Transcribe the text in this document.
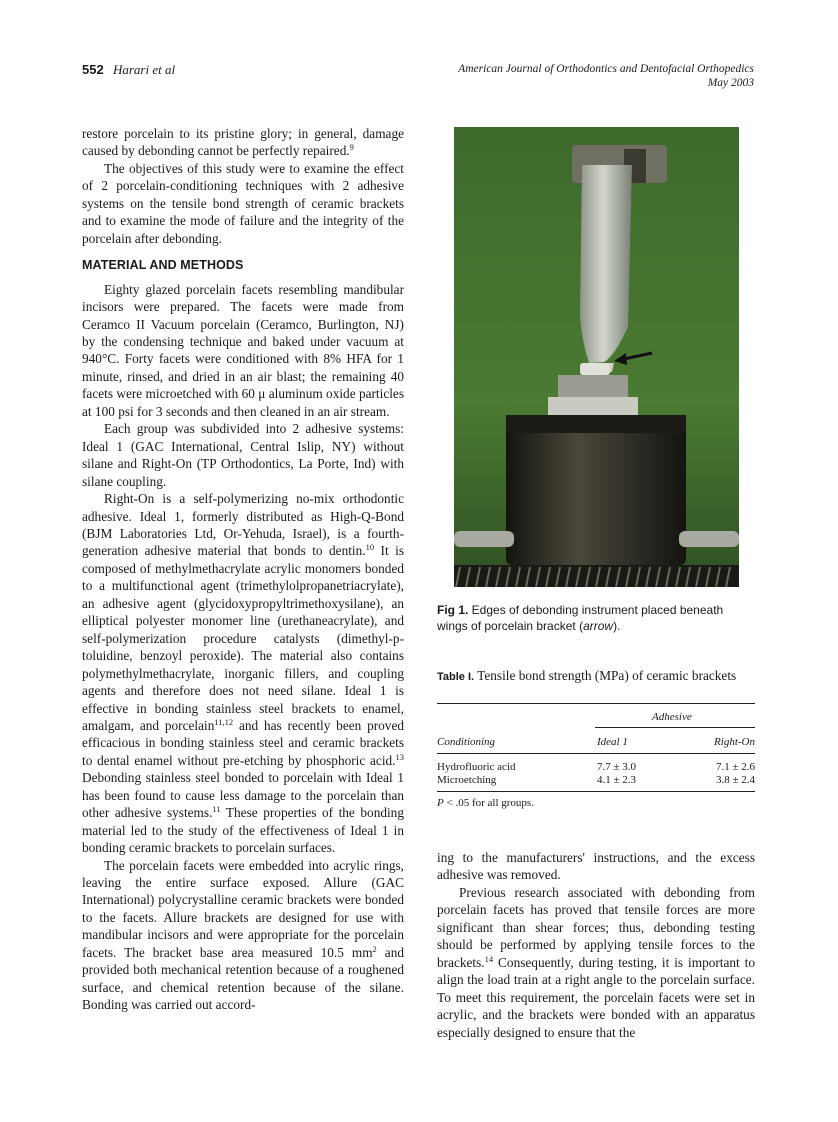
552 Harari et al	American Journal of Orthodontics and Dentofacial Orthopedics
May 2003

restore porcelain to its pristine glory; in general, damage caused by debonding cannot be perfectly repaired.$^9$

The objectives of this study were to examine the effect of 2 porcelain-conditioning techniques with 2 adhesive systems on the tensile bond strength of ceramic brackets and to examine the mode of failure and the integrity of the porcelain after debonding.

MATERIAL AND METHODS

Eighty glazed porcelain facets resembling mandibular incisors were prepared. The facets were made from Ceramco II Vacuum porcelain (Ceramco, Burlington, NJ) by the condensing technique and baked under vacuum at 940°C. Forty facets were conditioned with 8% HFA for 1 minute, rinsed, and dried in an air blast; the remaining 40 facets were microetched with 60 μ aluminum oxide particles at 100 psi for 3 seconds and then cleaned in an air stream.

Each group was subdivided into 2 adhesive systems: Ideal 1 (GAC International, Central Islip, NY) without silane and Right-On (TP Orthodontics, La Porte, Ind) with silane coupling.

Right-On is a self-polymerizing no-mix orthodontic adhesive. Ideal 1, formerly distributed as High-Q-Bond (BJM Laboratories Ltd, Or-Yehuda, Israel), is a fourth-generation adhesive material that bonds to dentin.$^{10}$ It is composed of methylmethacrylate acrylic monomers bonded to a multifunctional agent (trimethylolpropanetriacrylate), an adhesive agent (glycidoxypropyltrimethoxysilane), an elliptical polyester monomer line (urethaneacrylate), and self-polymerization procedure catalysts (dimethyl-p-toluidine, benzoyl peroxide). The material also contains polymethylmethacrylate, inorganic fillers, and coupling agents and therefore does not need silane. Ideal 1 is effective in bonding stainless steel brackets to enamel, amalgam, and porcelain$^{11,12}$ and has recently been proved efficacious in bonding stainless steel and ceramic brackets to dental enamel without pre-etching by phosphoric acid.$^{13}$ Debonding stainless steel bonded to porcelain with Ideal 1 has been found to cause less damage to the porcelain than other adhesive systems.$^{11}$ These properties of the bonding material led to the study of the effectiveness of Ideal 1 in bonding ceramic brackets to porcelain surfaces.

The porcelain facets were embedded into acrylic rings, leaving the entire surface exposed. Allure (GAC International) polycrystalline ceramic brackets were bonded to the facets. Allure brackets are designed for use with mandibular incisors and were appropriate for the porcelain facets. The bracket base area measured 10.5 $mm^2$ and provided both mechanical retention because of a roughened surface, and chemical retention because of the silane. Bonding was carried out accord-

Fig 1. Edges of debonding instrument placed beneath wings of porcelain bracket (arrow).
Table I. Tensile bond strength (MPa) of ceramic brackets
Adhesive
Conditioning	Ideal 1	Right-On
Hydrofluoric acid	7.7 ± 3.0	7.1 ± 2.6
Microetching	4.1 ± 2.3	3.8 ± 2.4
P < .05 for all groups.

ing to the manufacturers' instructions, and the excess adhesive was removed.

Previous research associated with debonding from porcelain facets has proved that tensile forces are more significant than shear forces; thus, debonding testing should be performed by applying tensile forces to the brackets.$^{14}$ Consequently, during testing, it is important to align the load train at a right angle to the porcelain surface. To meet this requirement, the porcelain facets were set in acrylic, and the brackets were bonded with an apparatus especially designed to ensure that the
